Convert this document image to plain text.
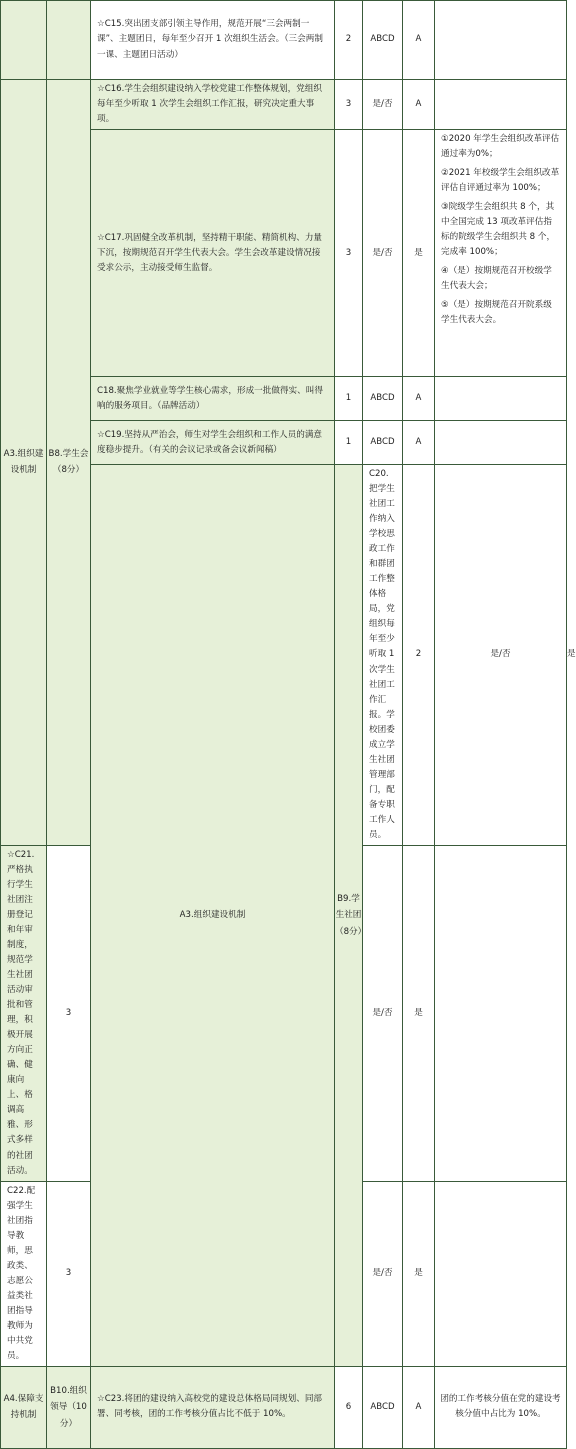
		☆C15.突出团支部引领主导作用，规范开展“三会两制一课”、主题团日，每年至少召开 1 次组织生活会。（三会两制一课、主题团日活动）	2	ABCD	A		
A3.组织建设机制	B8.学生会（8分）	☆C16.学生会组织建设纳入学校党建工作整体规划，党组织每年至少听取 1 次学生会组织工作汇报，研究决定重大事项。	3	是/否	A		
		☆C17.巩固健全改革机制，坚持精干职能、精简机构、力量下沉，按期规范召开学生代表大会。学生会改革建设情况接受求公示，主动接受师生监督。	3	是/否	是	①2020 年学生会组织改革评估通过率为0%；
②2021 年校级学生会组织改革评估自评通过率为 100%；
③院级学生会组织共 8 个，其中全国完成 13 项改革评估指标的院级学生会组织共 8 个，完成率 100%；
④（是）按期规范召开校级学生代表大会；
⑤（是）按期规范召开院系级学生代表大会。	

		C18.聚焦学业就业等学生核心需求，形成一批做得实、叫得响的服务项目。（品牌活动）	1	ABCD	A		
		☆C19.坚持从严治会，师生对学生会组织和工作人员的满意度稳步提升。（有关的会议记录或备会议新闻稿）	1	ABCD	A		
		A3.组织建设机制	B9.学生社团（8分）	C20.把学生社团工作纳入学校思政工作和群团工作整体格局，党组织每年至少听取 1 次学生社团工作汇报。学校团委成立学生社团管理部门，配备专职工作人员。	2	是/否	是	
☆C21.严格执行学生社团注册登记和年审制度，规范学生社团活动审批和管理，积极开展方向正确、健康向上、格调高雅、形式多样的社团活动。	3			是/否	是		
C22.配强学生社团指导教师，思政类、志愿公益类社团指导教师为中共党员。	3			是/否	是		
A4.保障支持机制	B10.组织领导（10分）	☆C23.将团的建设纳入高校党的建设总体格局同规划、同部署、同考核，团的工作考核分值占比不低于 10%。	6	ABCD	A	团的工作考核分值在党的建设考核分值中占比为 10%。	
